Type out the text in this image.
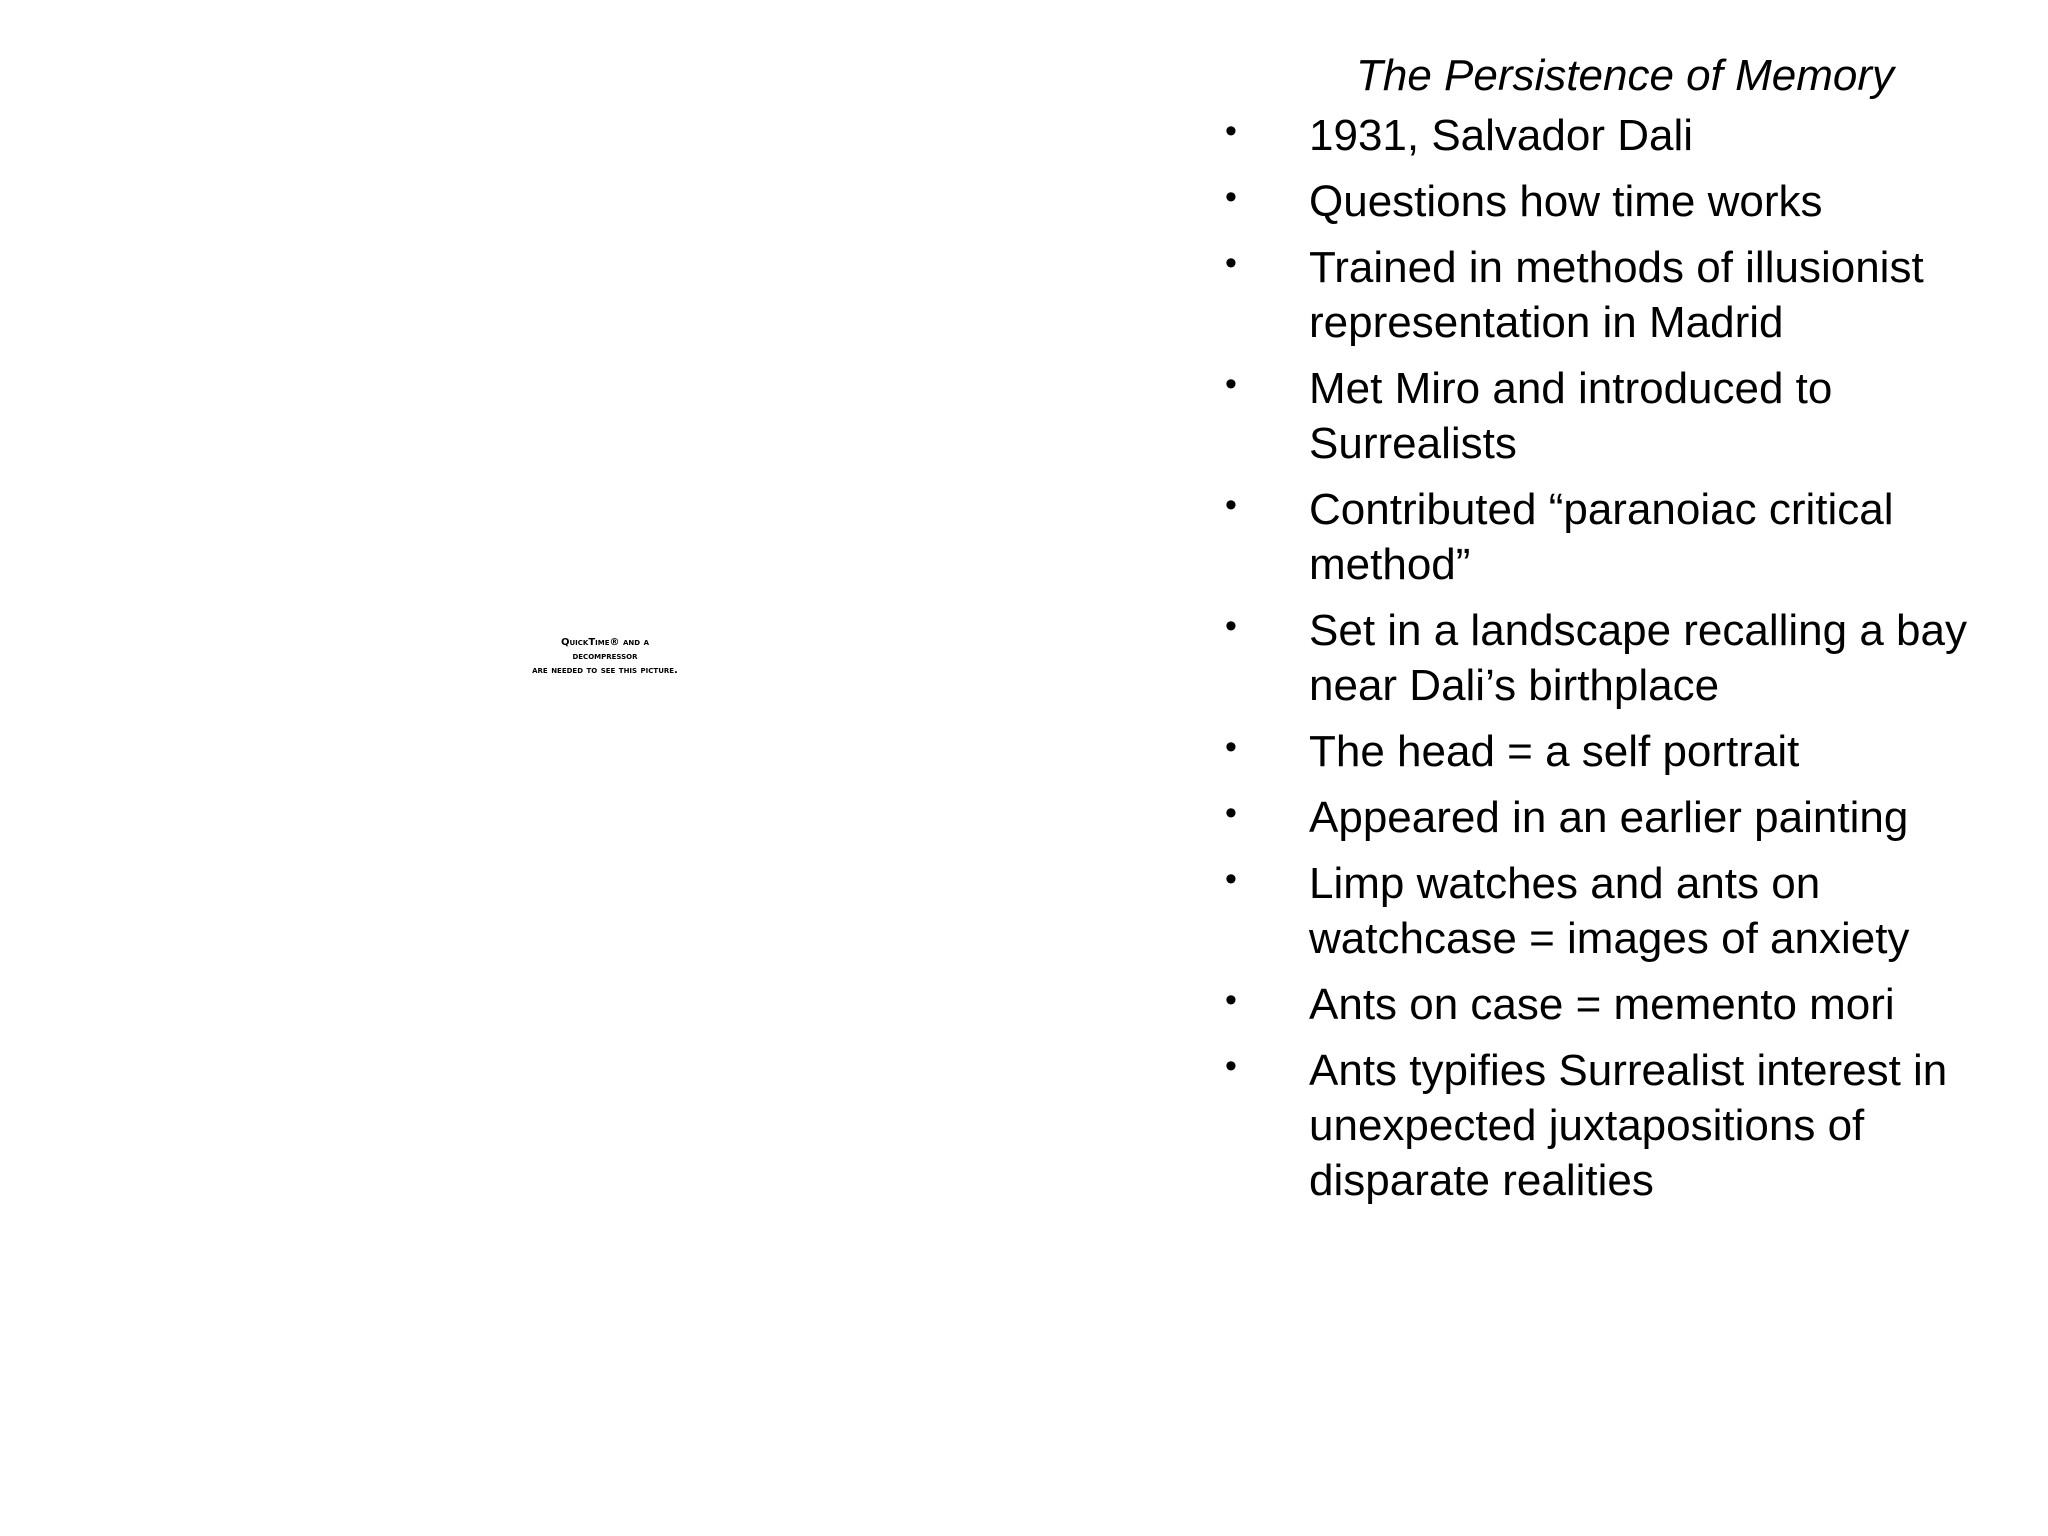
QuickTime® and a
decompressor
are needed to see this picture.
The Persistence of Memory
• 1931, Salvador Dali
• Questions how time works
• Trained in methods of illusionist representation in Madrid
• Met Miro and introduced to Surrealists
• Contributed “paranoiac critical method”
• Set in a landscape recalling a bay near Dali’s birthplace
• The head = a self portrait
• Appeared in an earlier painting
• Limp watches and ants on watchcase = images of anxiety
• Ants on case = memento mori
• Ants typifies Surrealist interest in unexpected juxtapositions of disparate realities
